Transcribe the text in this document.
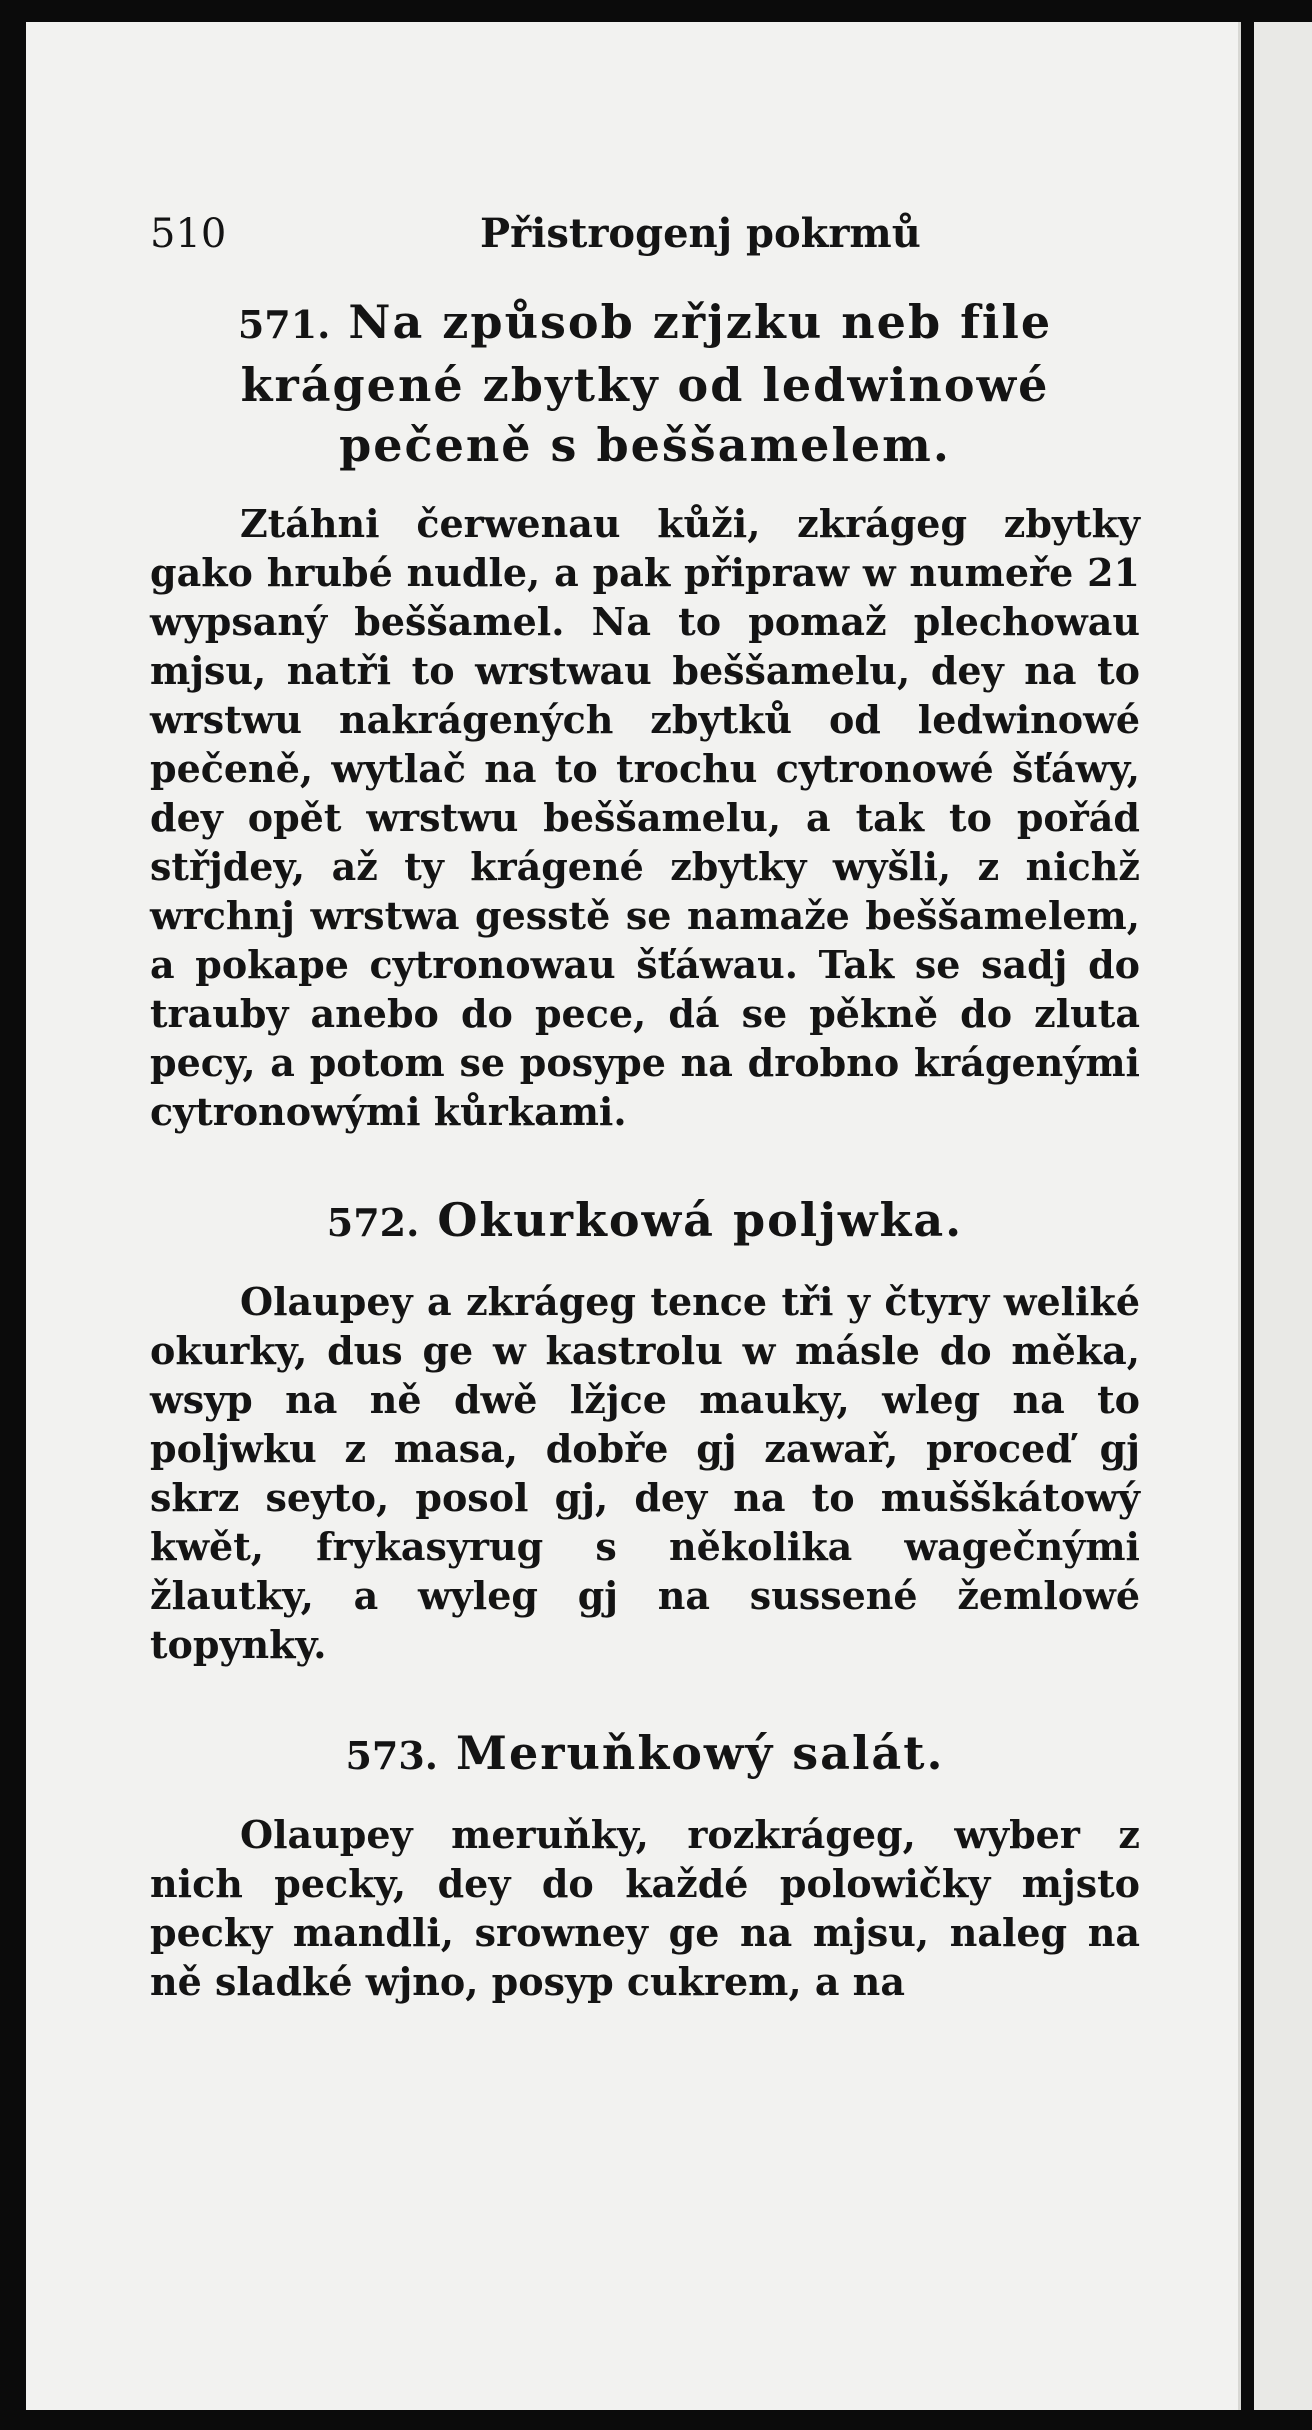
510	Přistrogenj pokrmů
571. Na způsob zřjzku neb file krágené zbytky od ledwinowé pečeně s beššamelem.

Ztáhni čerwenau kůži, zkrágeg zbytky gako hrubé nudle, a pak připraw w numeře 21 wypsaný beššamel. Na to pomaž plechowau mjsu, natři to wrstwau beššamelu, dey na to wrstwu nakrágených zbytků od ledwinowé pečeně, wytlač na to trochu cytronowé šťáwy, dey opět wrstwu beššamelu, a tak to pořád střjdey, až ty krágené zbytky wyšli, z nichž wrchnj wrstwa gesstě se namaže beššamelem, a pokape cytronowau šťáwau. Tak se sadj do trauby anebo do pece, dá se pěkně do zluta pecy, a potom se posype na drobno krágenými cytronowými kůrkami.

572. Okurkowá poljwka.

Olaupey a zkrágeg tence tři y čtyry weliké okurky, dus ge w kastrolu w másle do měka, wsyp na ně dwě lžjce mauky, wleg na to poljwku z masa, dobře gj zawař, proceď gj skrz seyto, posol gj, dey na to mušškátowý kwět, frykasyrug s několika wagečnými žlautky, a wyleg gj na sussené žemlowé topynky.

573. Meruňkowý salát.

Olaupey meruňky, rozkrágeg, wyber z nich pecky, dey do každé polowičky mjsto pecky mandli, srowney ge na mjsu, naleg na ně sladké wjno, posyp cukrem, a na
